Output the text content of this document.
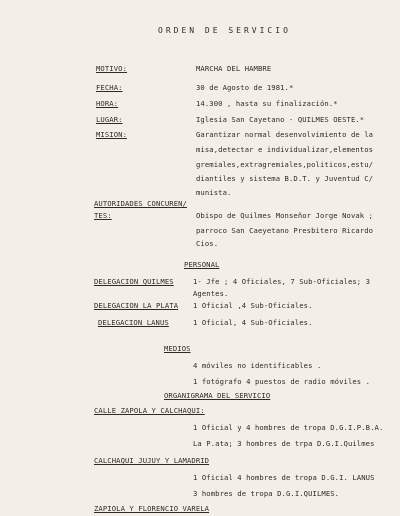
ORDEN DE SERVICIO
MOTIVO:	MARCHA DEL HAMBRE
FECHA:	30 de Agosto de 1981.*
HORA:	14.300 , hasta su finalización.*
LUGAR:	Iglesia San Cayetano - QUILMES OESTE.*
MISION:	Garantizar normal desenvolvimiento de la
misa,detectar e individualizar,elementos
gremiales,extragremiales,politicos,estu/
diantiles y sistema B.D.T. y Juventud C/
munista.
AUTORIDADES CONCUREN/
TES:	Obispo de Quilmes Monseñor Jorge Novak ;
parroco San Caeyetano Presbitero Ricardo
Cios.
PERSONAL
DELEGACION QUILMES	1- Jfe ; 4 Oficiales, 7 Sub-Oficiales; 3
Agentes.
DELEGACION LA PLATA 1 Oficial ,4 Sub-Oficiales.
DELEGACION LANUS	1 Oficial, 4 Sub-Oficiales.
MEDIOS
4 móviles no identificables .
1 fotógrafo 4 puestos de radio móviles .
ORGANIGRAMA DEL SERVICIO
CALLE ZAPOLA Y CALCHAQUI:
1 Oficial y 4 hombres de tropa D.G.I.P.B.A.
La P.ata; 3 hombres de trpa D.G.I.Quilmes
CALCHAQUI JUJUY Y LAMADRID
1 Oficial 4 hombres de tropa D.G.I. LANUS
3 hombres de tropa D.G.I.QUILMES.
ZAPIOLA Y FLORENCIO VARELA
